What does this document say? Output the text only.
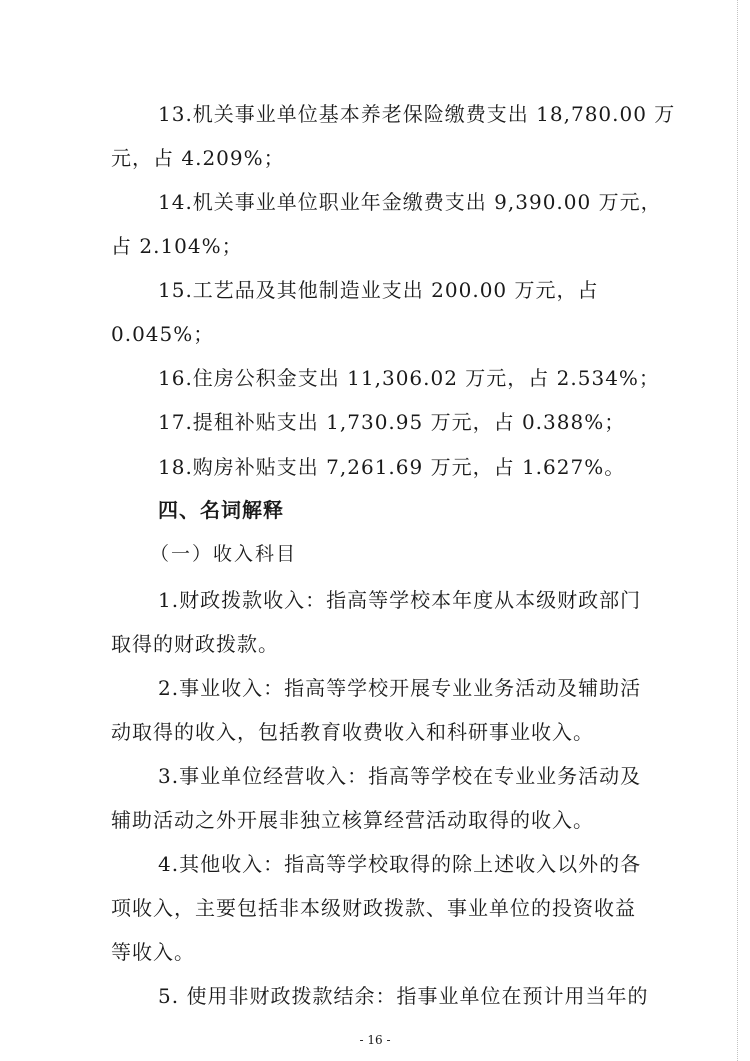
13.机关事业单位基本养老保险缴费支出 18,780.00 万
元，占 4.209%；
14.机关事业单位职业年金缴费支出 9,390.00 万元，
占 2.104%；
15.工艺品及其他制造业支出 200.00 万元，占
0.045%；
16.住房公积金支出 11,306.02 万元，占 2.534%；
17.提租补贴支出 1,730.95 万元，占 0.388%；
18.购房补贴支出 7,261.69 万元，占 1.627%。
四、名词解释
（一）收入科目
1.财政拨款收入：指高等学校本年度从本级财政部门
取得的财政拨款。
2.事业收入：指高等学校开展专业业务活动及辅助活
动取得的收入，包括教育收费收入和科研事业收入。
3.事业单位经营收入：指高等学校在专业业务活动及
辅助活动之外开展非独立核算经营活动取得的收入。
4.其他收入：指高等学校取得的除上述收入以外的各
项收入，主要包括非本级财政拨款、事业单位的投资收益
等收入。
5. 使用非财政拨款结余：指事业单位在预计用当年的
- 16 -
